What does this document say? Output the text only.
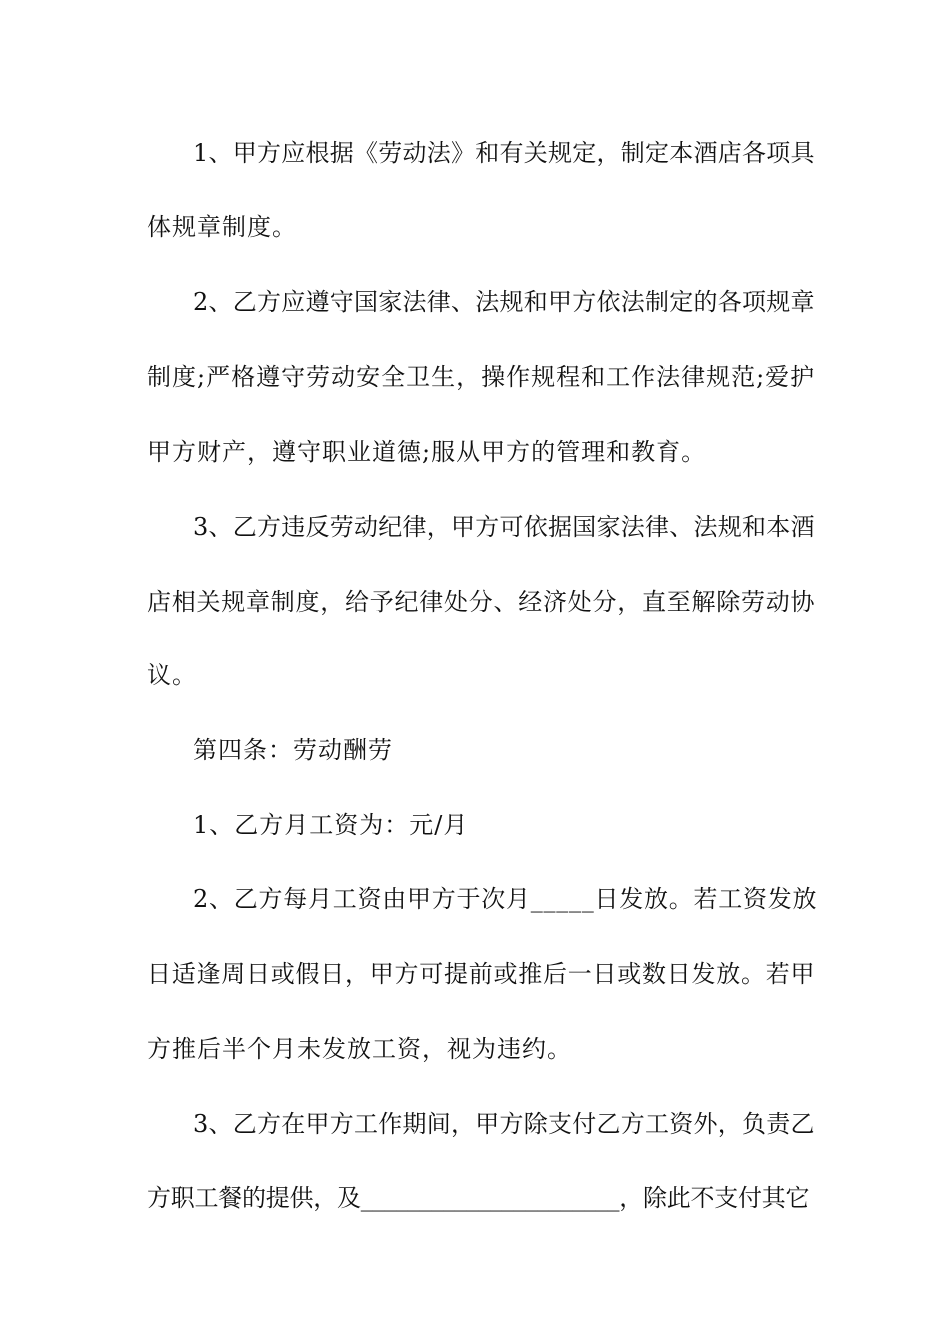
1、甲方应根据《劳动法》和有关规定，制定本酒店各项具
体规章制度。
2、乙方应遵守国家法律、法规和甲方依法制定的各项规章
制度;严格遵守劳动安全卫生，操作规程和工作法律规范;爱护
甲方财产，遵守职业道德;服从甲方的管理和教育。
3、乙方违反劳动纪律，甲方可依据国家法律、法规和本酒
店相关规章制度，给予纪律处分、经济处分，直至解除劳动协
议。
第四条：劳动酬劳
1、乙方月工资为：元/月
2、乙方每月工资由甲方于次月_____日发放。若工资发放
日适逢周日或假日，甲方可提前或推后一日或数日发放。若甲
方推后半个月未发放工资，视为违约。
3、乙方在甲方工作期间，甲方除支付乙方工资外，负责乙
方职工餐的提供，及______________________，除此不支付其它
